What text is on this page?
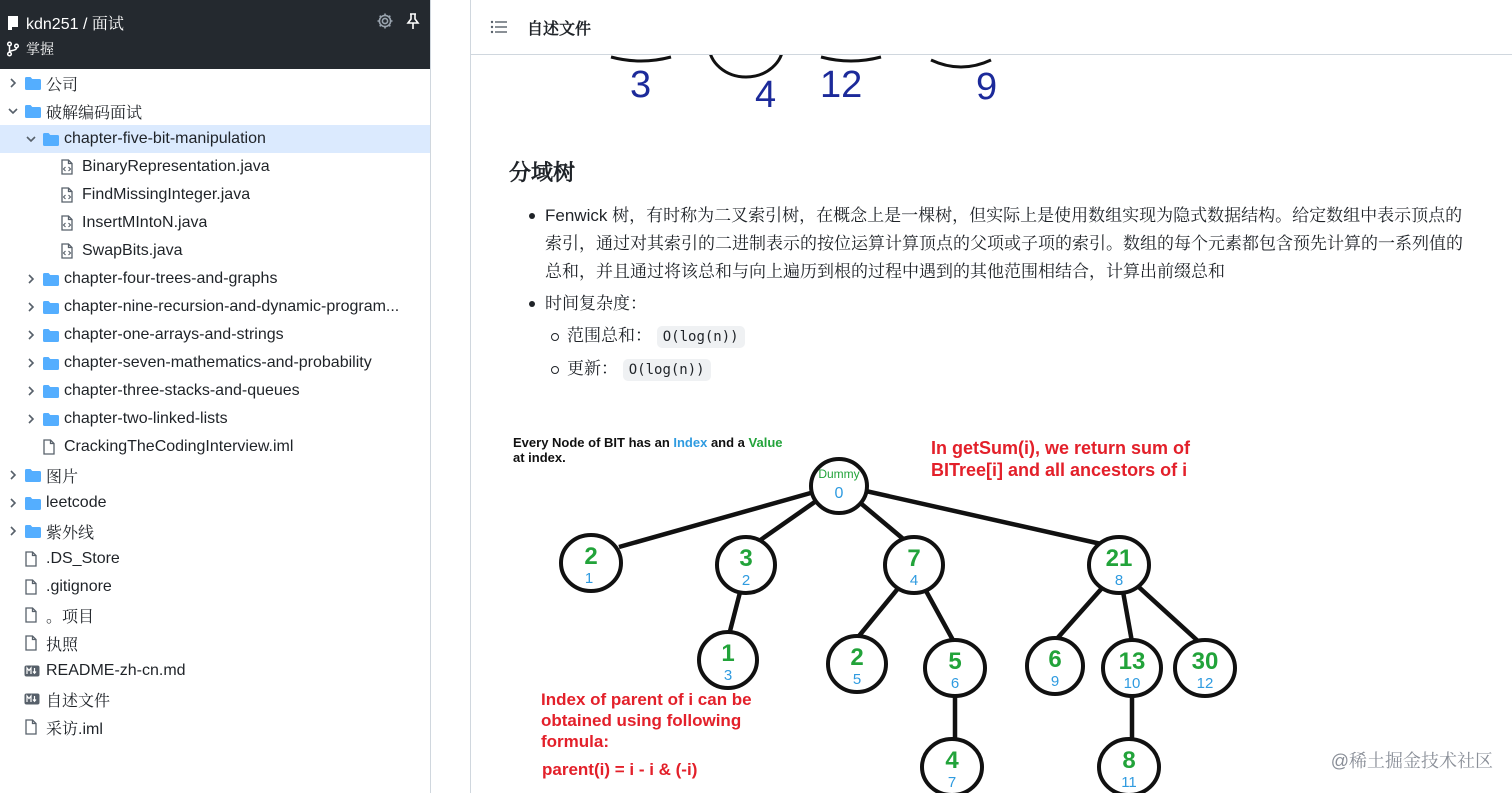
kdn251 / 面试
掌握
公司
破解编码面试
chapter-five-bit-manipulation
BinaryRepresentation.java
FindMissingInteger.java
InsertMIntoN.java
SwapBits.java
chapter-four-trees-and-graphs
chapter-nine-recursion-and-dynamic-program...
chapter-one-arrays-and-strings
chapter-seven-mathematics-and-probability
chapter-three-stacks-and-queues
chapter-two-linked-lists
CrackingTheCodingInterview.iml
图片
leetcode
紫外线
.DS_Store
.gitignore
。项目
执照
README-zh-cn.md
自述文件
采访.iml
自述文件
3	4 12	9
分域树
Fenwick 树，有时称为二叉索引树，在概念上是一棵树，但实际上是使用数组实现为隐式数据结构。给定数组中表示顶点的索引，通过对其索引的二进制表示的按位运算计算顶点的父项或子项的索引。数组的每个元素都包含预先计算的一系列值的总和，并且通过将该总和与向上遍历到根的过程中遇到的其他范围相结合，计算出前缀总和
时间复杂度：
范围总和： O(log(n))
更新： O(log(n))
Every Node of BIT has an Index and a Value
at index.	In getSum(i), we return sum of
BITree[i] and all ancestors of i
Index of parent of i can be
obtained using following
formula:
parent(i) = i - i & (-i)
Dummy
0
2	3	7	21
1	2	5	6 13 30
4	8
1	2	4	8
3	5	6	9	10	12
7	11
@稀土掘金技术社区
